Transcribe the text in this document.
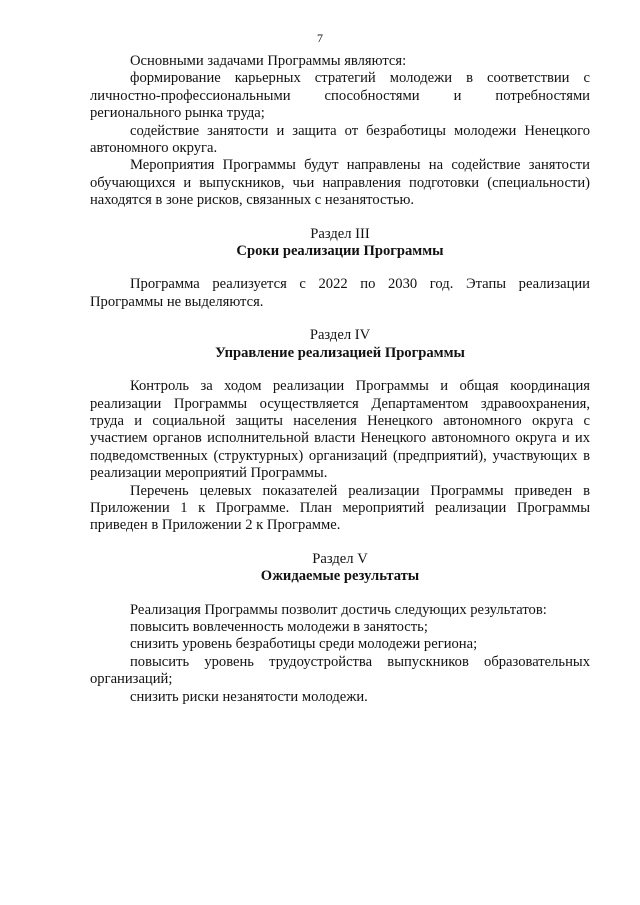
7

Основными задачами Программы являются:

формирование карьерных стратегий молодежи в соответствии с личностно-профессиональными способностями и потребностями регионального рынка труда;

содействие занятости и защита от безработицы молодежи Ненецкого автономного округа.

Мероприятия Программы будут направлены на содействие занятости обучающихся и выпускников, чьи направления подготовки (специальности) находятся в зоне рисков, связанных с незанятостью.

Раздел III
Сроки реализации Программы

Программа реализуется с 2022 по 2030 год. Этапы реализации Программы не выделяются.

Раздел IV
Управление реализацией Программы

Контроль за ходом реализации Программы и общая координация реализации Программы осуществляется Департаментом здравоохранения, труда и социальной защиты населения Ненецкого автономного округа с участием органов исполнительной власти Ненецкого автономного округа и их подведомственных (структурных) организаций (предприятий), участвующих в реализации мероприятий Программы.

Перечень целевых показателей реализации Программы приведен в Приложении 1 к Программе. План мероприятий реализации Программы приведен в Приложении 2 к Программе.

Раздел V
Ожидаемые результаты

Реализация Программы позволит достичь следующих результатов:

повысить вовлеченность молодежи в занятость;

снизить уровень безработицы среди молодежи региона;

повысить уровень трудоустройства выпускников образовательных организаций;

снизить риски незанятости молодежи.
